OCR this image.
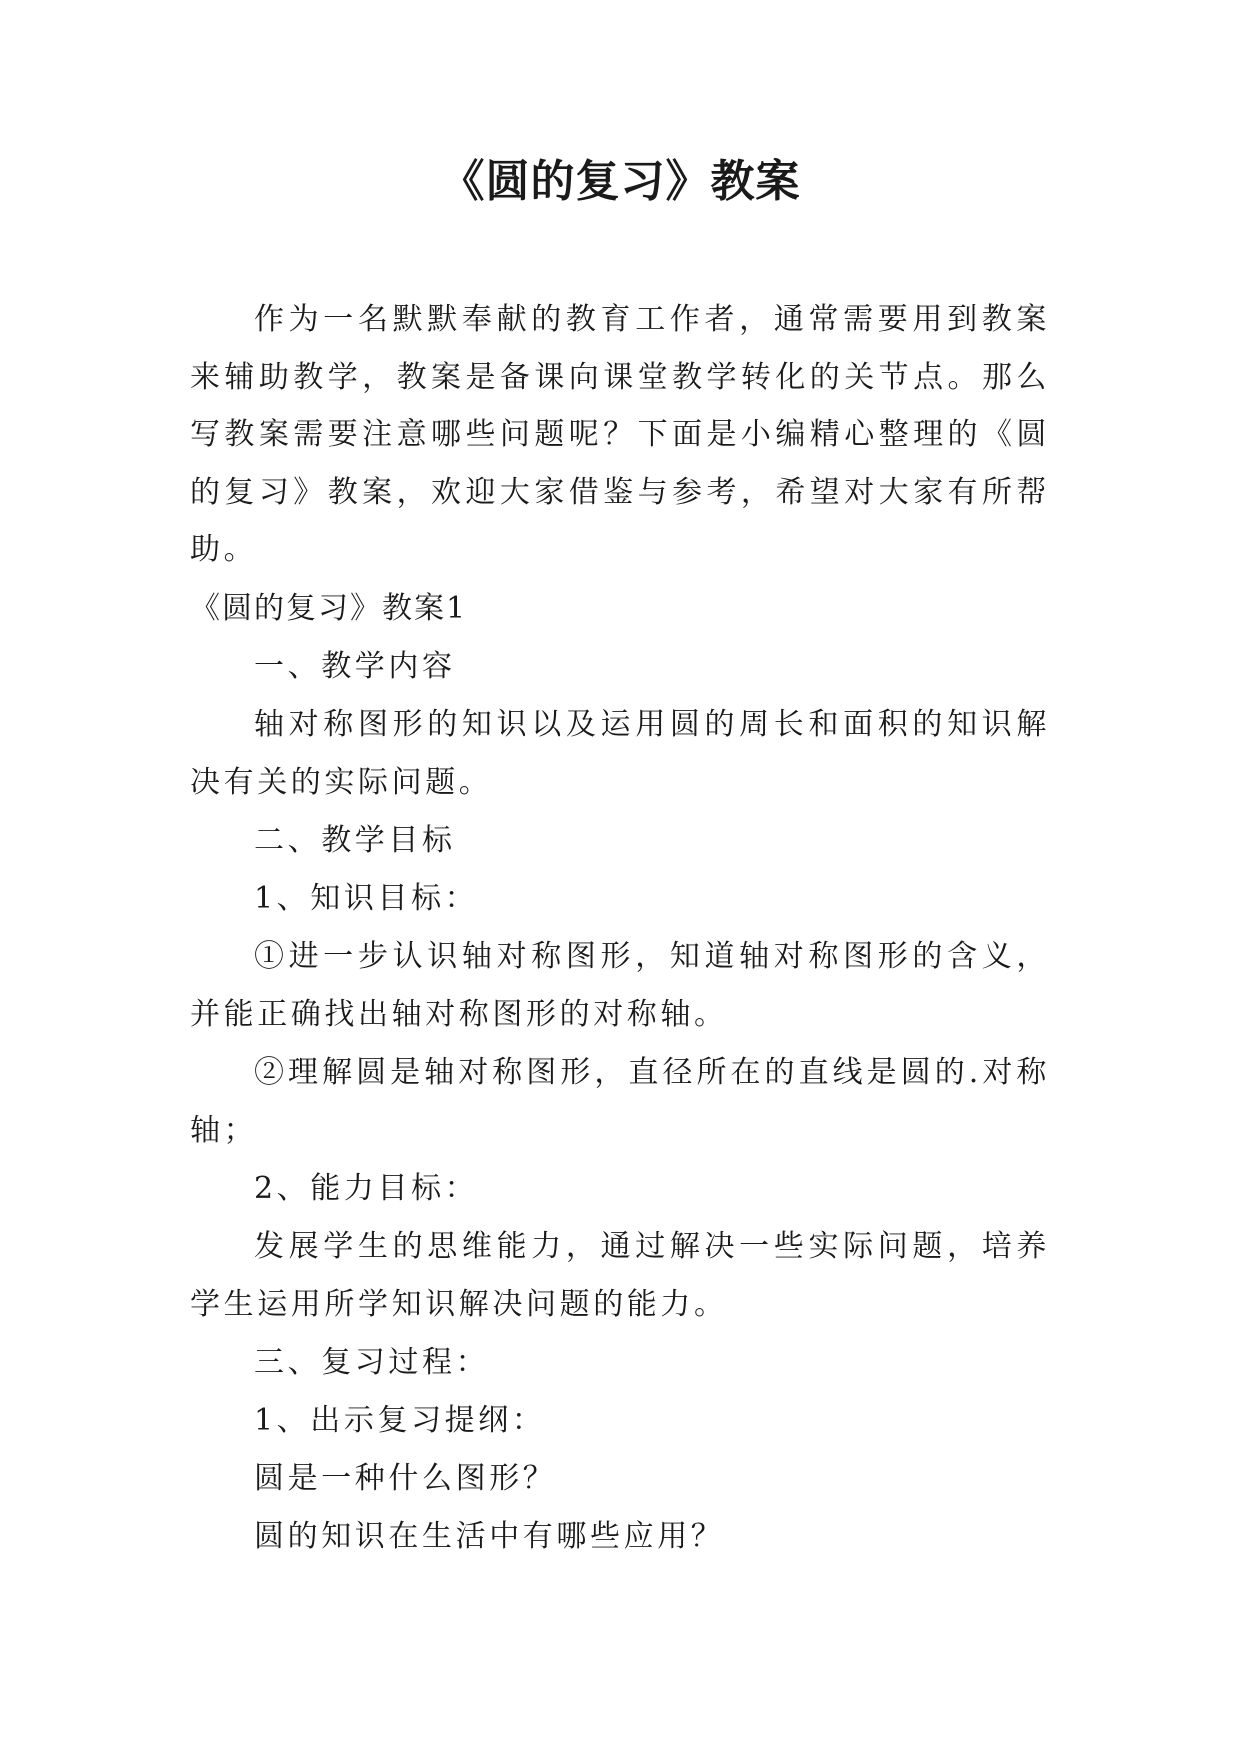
《圆的复习》教案

作为一名默默奉献的教育工作者，通常需要用到教案来辅助教学，教案是备课向课堂教学转化的关节点。那么写教案需要注意哪些问题呢？下面是小编精心整理的《圆的复习》教案，欢迎大家借鉴与参考，希望对大家有所帮助。

《圆的复习》教案1

一、教学内容

轴对称图形的知识以及运用圆的周长和面积的知识解决有关的实际问题。

二、教学目标

1、知识目标：

①进一步认识轴对称图形，知道轴对称图形的含义，并能正确找出轴对称图形的对称轴。

②理解圆是轴对称图形，直径所在的直线是圆的.对称轴；

2、能力目标：

发展学生的思维能力，通过解决一些实际问题，培养学生运用所学知识解决问题的能力。

三、复习过程：

1、出示复习提纲：

圆是一种什么图形？

圆的知识在生活中有哪些应用？
